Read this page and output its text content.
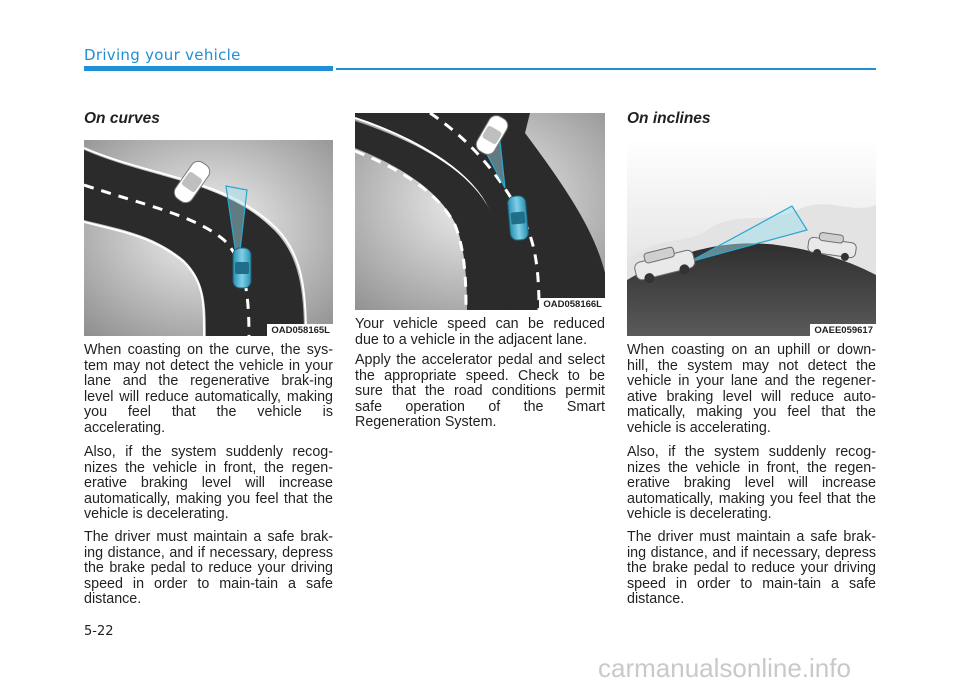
Driving your vehicle
On curves
OAD058165L

When coasting on the curve, the sys-tem may not detect the vehicle in your lane and the regenerative brak-ing level will reduce automatically, making you feel that the vehicle is accelerating.

Also, if the system suddenly recog-nizes the vehicle in front, the regen-erative braking level will increase automatically, making you feel that the vehicle is decelerating.

The driver must maintain a safe brak-ing distance, and if necessary, depress the brake pedal to reduce your driving speed in order to main-tain a safe distance.

OAD058166L

Your vehicle speed can be reduced due to a vehicle in the adjacent lane.

Apply the accelerator pedal and select the appropriate speed. Check to be sure that the road conditions permit safe operation of the Smart Regeneration System.

On inclines
OAEE059617

When coasting on an uphill or down-hill, the system may not detect the vehicle in your lane and the regener-ative braking level will reduce auto-matically, making you feel that the vehicle is accelerating.

Also, if the system suddenly recog-nizes the vehicle in front, the regen-erative braking level will increase automatically, making you feel that the vehicle is decelerating.

The driver must maintain a safe brak-ing distance, and if necessary, depress the brake pedal to reduce your driving speed in order to main-tain a safe distance.

5-22
carmanualsonline.info
